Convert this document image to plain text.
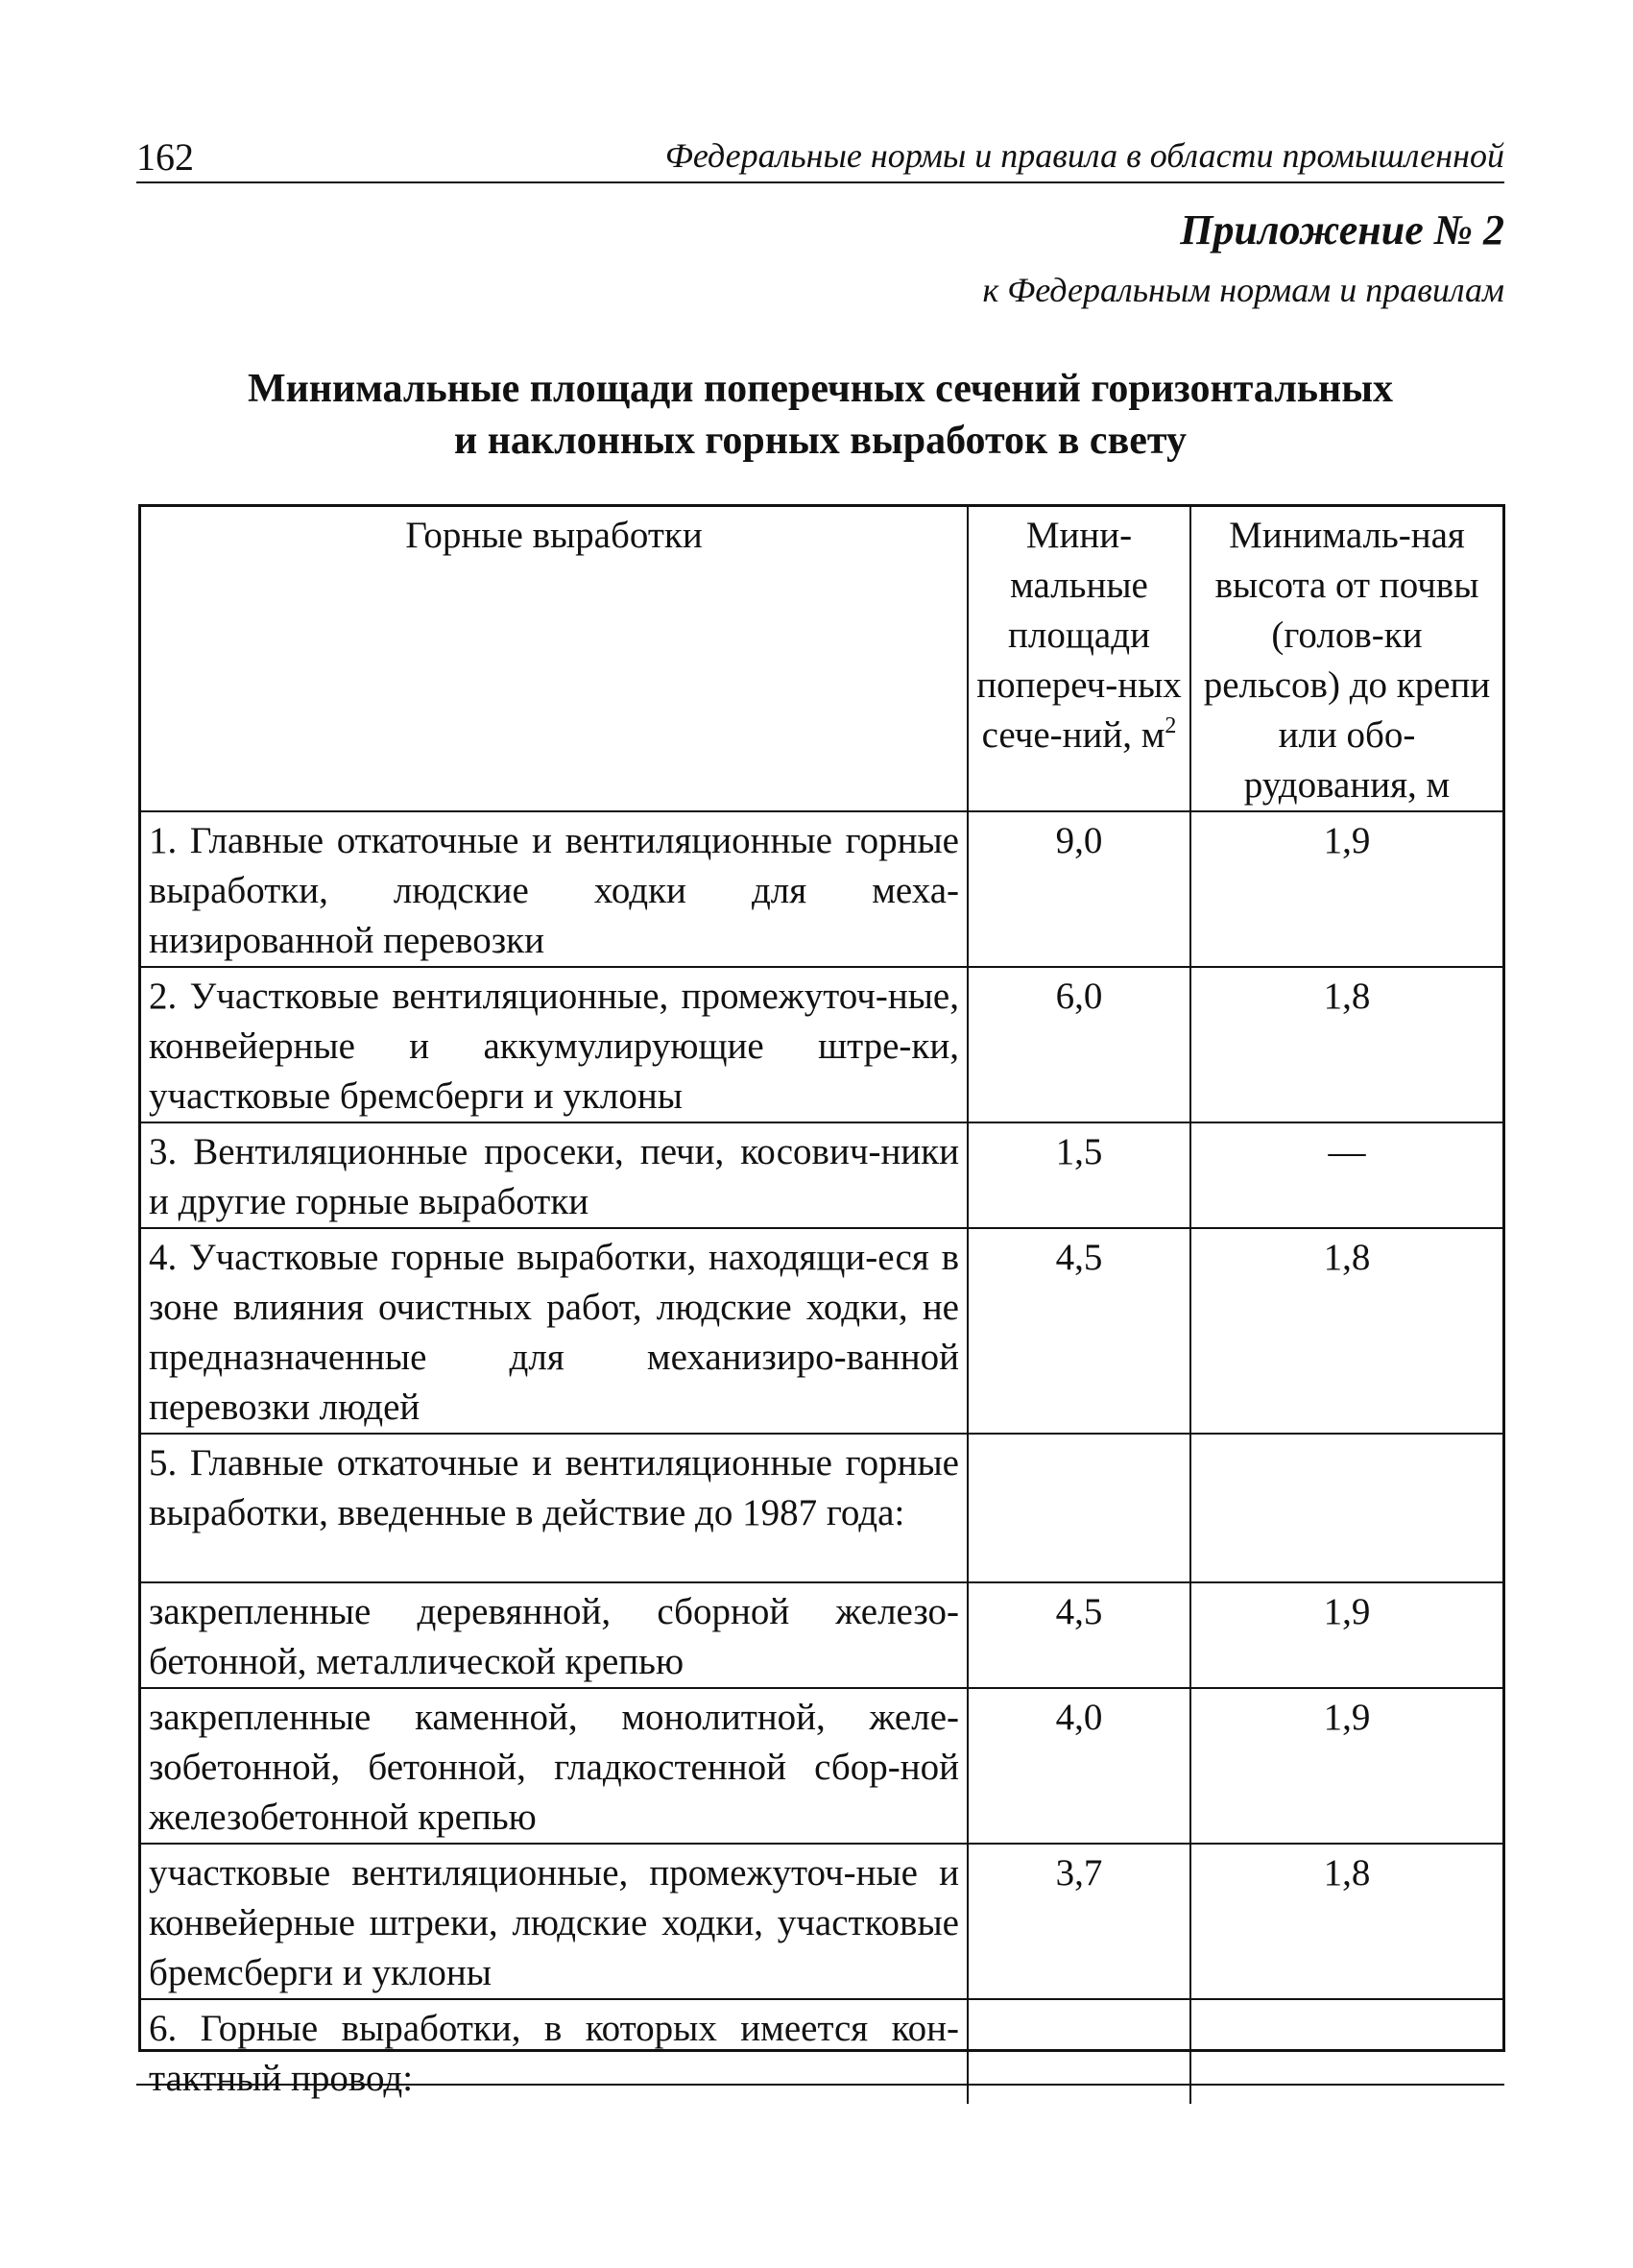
162	Федеральные нормы и правила в области промышленной
Приложение № 2
к Федеральным нормам и правилам
Минимальные площади поперечных сечений горизонтальных
и наклонных горных выработок в свету
Горные выработки	Мини-мальные площади попереч-ных сече-ний, $м^2$	Минималь-ная высота от почвы (голов-ки рельсов) до крепи или обо-рудования, м
1. Главные откаточные и вентиляционные горные выработки, людские ходки для меха-низированной перевозки	9,0	1,9
2. Участковые вентиляционные, промежуточ-ные, конвейерные и аккумулирующие штре-ки, участковые бремсберги и уклоны	6,0	1,8
3. Вентиляционные просеки, печи, косович-ники и другие горные выработки	1,5	—
4. Участковые горные выработки, находящи-еся в зоне влияния очистных работ, людские ходки, не предназначенные для механизиро-ванной перевозки людей	4,5	1,8
5. Главные откаточные и вентиляционные горные выработки, введенные в действие до 1987 года:		
закрепленные деревянной, сборной железо-бетонной, металлической крепью	4,5	1,9
закрепленные каменной, монолитной, желе-зобетонной, бетонной, гладкостенной сбор-ной железобетонной крепью	4,0	1,9
участковые вентиляционные, промежуточ-ные и конвейерные штреки, людские ходки, участковые бремсберги и уклоны	3,7	1,8
6. Горные выработки, в которых имеется кон-тактный провод:		
